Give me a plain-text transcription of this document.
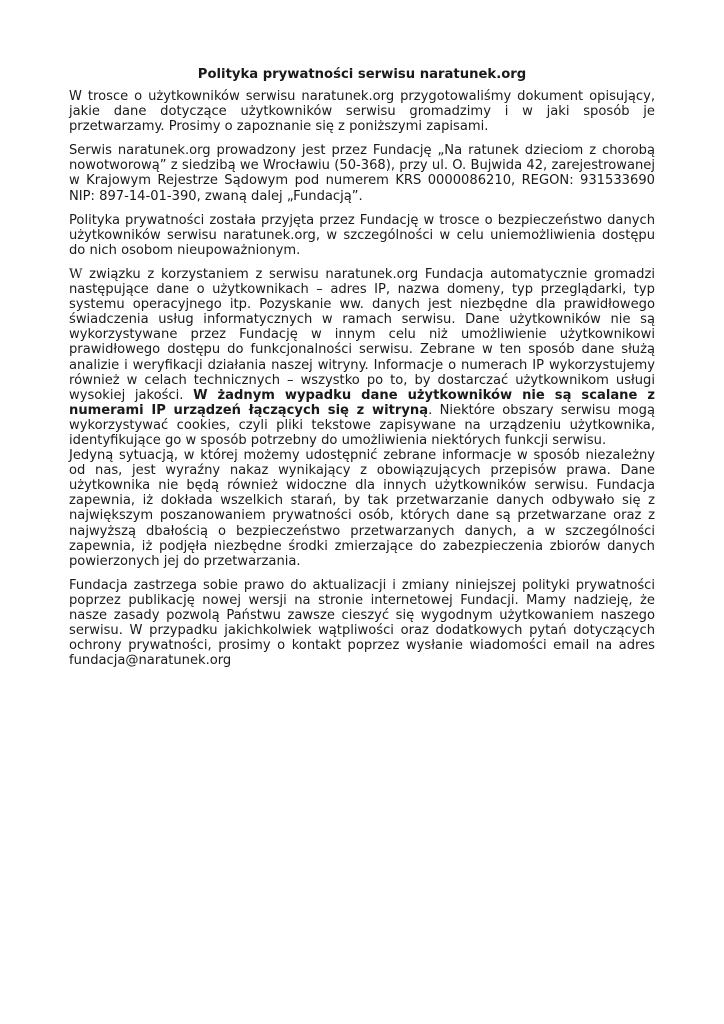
Polityka prywatności serwisu naratunek.org

W trosce o użytkowników serwisu naratunek.org przygotowaliśmy dokument opisujący, jakie dane dotyczące użytkowników serwisu gromadzimy i w jaki sposób je przetwarzamy. Prosimy o zapoznanie się z poniższymi zapisami.

Serwis naratunek.org prowadzony jest przez Fundację „Na ratunek dzieciom z chorobą nowotworową” z siedzibą we Wrocławiu (50-368), przy ul. O. Bujwida 42, zarejestrowanej w Krajowym Rejestrze Sądowym pod numerem KRS 0000086210, REGON: 931533690 NIP: 897-14-01-390, zwaną dalej „Fundacją”.

Polityka prywatności została przyjęta przez Fundację w trosce o bezpieczeństwo danych użytkowników serwisu naratunek.org, w szczególności w celu uniemożliwienia dostępu do nich osobom nieupoważnionym.

W związku z korzystaniem z serwisu naratunek.org Fundacja automatycznie gromadzi następujące dane o użytkownikach – adres IP, nazwa domeny, typ przeglądarki, typ systemu operacyjnego itp. Pozyskanie ww. danych jest niezbędne dla prawidłowego świadczenia usług informatycznych w ramach serwisu. Dane użytkowników nie są wykorzystywane przez Fundację w innym celu niż umożliwienie użytkownikowi prawidłowego dostępu do funkcjonalności serwisu. Zebrane w ten sposób dane służą analizie i weryfikacji działania naszej witryny. Informacje o numerach IP wykorzystujemy również w celach technicznych – wszystko po to, by dostarczać użytkownikom usługi wysokiej jakości. W żadnym wypadku dane użytkowników nie są scalane z numerami IP urządzeń łączących się z witryną. Niektóre obszary serwisu mogą wykorzystywać cookies, czyli pliki tekstowe zapisywane na urządzeniu użytkownika, identyfikujące go w sposób potrzebny do umożliwienia niektórych funkcji serwisu.
Jedyną sytuacją, w której możemy udostępnić zebrane informacje w sposób niezależny od nas, jest wyraźny nakaz wynikający z obowiązujących przepisów prawa. Dane użytkownika nie będą również widoczne dla innych użytkowników serwisu. Fundacja zapewnia, iż dokłada wszelkich starań, by tak przetwarzanie danych odbywało się z największym poszanowaniem prywatności osób, których dane są przetwarzane oraz z najwyższą dbałością o bezpieczeństwo przetwarzanych danych, a w szczególności zapewnia, iż podjęła niezbędne środki zmierzające do zabezpieczenia zbiorów danych powierzonych jej do przetwarzania.

Fundacja zastrzega sobie prawo do aktualizacji i zmiany niniejszej polityki prywatności poprzez publikację nowej wersji na stronie internetowej Fundacji. Mamy nadzieję, że nasze zasady pozwolą Państwu zawsze cieszyć się wygodnym użytkowaniem naszego serwisu. W przypadku jakichkolwiek wątpliwości oraz dodatkowych pytań dotyczących ochrony prywatności, prosimy o kontakt poprzez wysłanie wiadomości email na adres fundacja@naratunek.org
